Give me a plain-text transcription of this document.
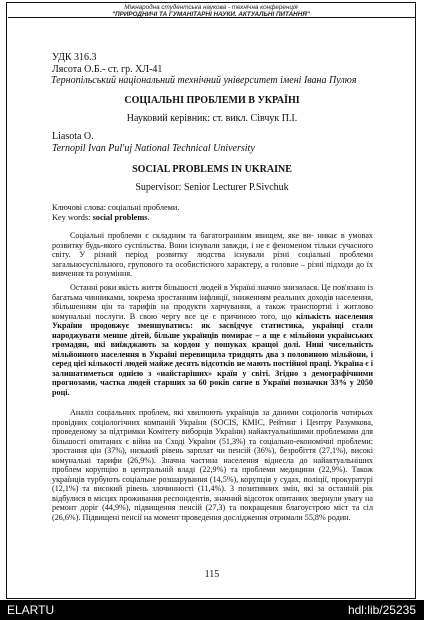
Міжнародна студентська наукова - технічна конференція
"ПРИРОДНИЧІ ТА ГУМАНІТАРНІ НАУКИ. АКТУАЛЬНІ ПИТАННЯ"

УДК 316.3

Лясота О.Б.- ст. гр. ХЛ-41

Тернопільський національний технічний університет імені Івана Пулюя

СОЦІАЛЬНІ ПРОБЛЕМИ В УКРАЇНІ

Науковий керівник: ст. викл. Сівчук П.І.

Liasota O.

Ternopil Ivan Pul'uj National Technical University

SOCIAL PROBLEMS IN UKRAINE

Supervisor: Senior Lecturer P.Sivchuk

Ключові слова: соціальні проблеми.

Key words: social problems.

Соціальні проблеми є складним та багатогранним явищем, яке ви- никає в умовах розвитку будь-якого суспільства. Вони існували завжди, і не є феноменом тільки сучасного світу. У різний період розвитку людства існували різні соціальні проблеми загальносуспільного, групового та особистісного характеру, а головне – різні підходи до їх вивчення та розуміння.

Останні роки якість життя більшості людей в Україні значно знизилася. Це пов'язано із багатьма чинниками, зокрема зростанням інфляції, зниженням реальних доходів населення, збільшенням цін та тарифів на продукти харчування, а також транспортні і житлово комунальні послуги. В свою чергу все це є причиною того, що кількість населення України продовжує зменшуватись: як засвідчує статистика, українці стали народжувати менше дітей, більше українців помирає – а ще є мільйони українських громадян, які виїжджають за кордон у пошуках кращої долі. Нині чисельність мільйонного населення в Україні перевищила тридцять два з половиною мільйони, і серед цієї кількості людей майже десять відсотків не мають постійної праці. Україна є і залишатиметься однією з «найстаріших» країн у світі. Згідно з демографічними прогнозами, частка людей старших за 60 років сягне в Україні позначки 33% у 2050 році.

Аналіз соціальних проблем, які хвилюють українців за даними соціологів чотирьох провідних соціологічних компаній України (SOCIS, КМІС, Рейтинг і Центру Разумкова, проведеному за підтримки Комітету виборців України) найактуальнішими проблемами для більшості опитаних є війна на Сході України (51,3%) та соціально-економічні проблеми: зростання цін (37%), низький рівень зарплат чи пенсій (36%), безробіття (27,1%), високі комунальні тарифи (26,9%). Значна частина населення віднесла до найактуальніших проблем корупцію в центральній владі (22,9%) та проблеми медицини (22,9%). Також українців турбують соціальне розшарування (14,5%), корупція у судах, поліції, прокуратурі (12,1%) та високий рівень злочинності (11,4%). З позитивних змін, які за останній рік відбулися в місцях проживання респондентів, значний відсоток опитаних звернули увагу на ремонт доріг (44,9%), підвищення пенсій (27,3) та покращення благоустрою міст та сіл (26,6%). Підвищені пенсії на момент проведення дослідження отримали 55,8% родин.

115
ELARTU	hdl:lib/25235
